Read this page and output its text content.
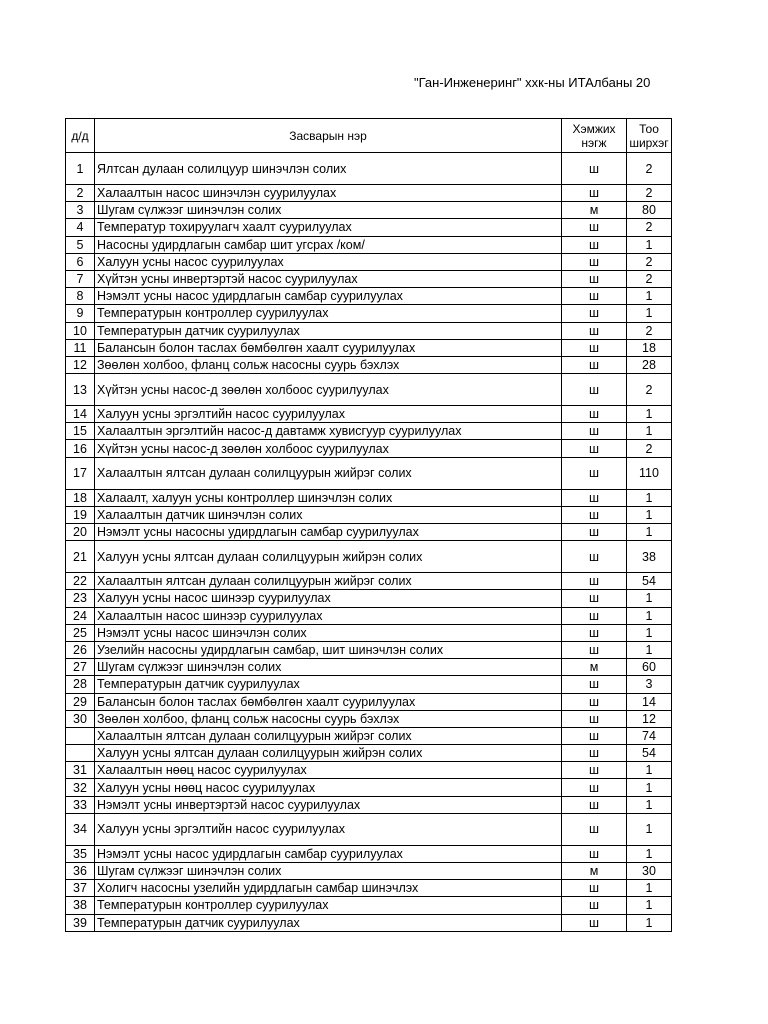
"Ган-Инженеринг" ххк-ны ИТАлбаны 20
д/д	Засварын нэр	Хэмжих нэгж	Тоо ширхэг
1	Ялтсан дулаан солилцуур шинэчлэн солих	ш	2
2	Халаалтын насос шинэчлэн суурилуулах	ш	2
3	Шугам сүлжээг шинэчлэн солих	м	80
4	Температур тохируулагч хаалт суурилуулах	ш	2
5	Насосны удирдлагын самбар шит угсрах /ком/	ш	1
6	Халуун усны насос суурилуулах	ш	2
7	Хүйтэн усны инвертэртэй насос суурилуулах	ш	2
8	Нэмэлт усны насос удирдлагын самбар суурилуулах	ш	1
9	Температурын контроллер суурилуулах	ш	1
10	Температурын датчик суурилуулах	ш	2
11	Балансын болон таслах бөмбөлгөн хаалт суурилуулах	ш	18
12	Зөөлөн холбоо, фланц сольж насосны суурь бэхлэх	ш	28
13	Хүйтэн усны насос-д зөөлөн холбоос суурилуулах	ш	2
14	Халуун усны эргэлтийн насос суурилуулах	ш	1
15	Халаалтын эргэлтийн насос-д давтамж хувисгуур суурилуулах	ш	1
16	Хүйтэн усны насос-д зөөлөн холбоос суурилуулах	ш	2
17	Халаалтын ялтсан дулаан солилцуурын жийрэг солих	ш	110
18	Халаалт, халуун усны контроллер шинэчлэн солих	ш	1
19	Халаалтын датчик шинэчлэн солих	ш	1
20	Нэмэлт усны насосны удирдлагын самбар суурилуулах	ш	1
21	Халуун усны ялтсан дулаан солилцуурын жийрэн солих	ш	38
22	Халаалтын ялтсан дулаан солилцуурын жийрэг солих	ш	54
23	Халуун усны насос шинээр суурилуулах	ш	1
24	Халаалтын насос шинээр суурилуулах	ш	1
25	Нэмэлт усны насос шинэчлэн солих	ш	1
26	Узелийн насосны удирдлагын самбар, шит шинэчлэн солих	ш	1
27	Шугам сүлжээг шинэчлэн солих	м	60
28	Температурын датчик суурилуулах	ш	3
29	Балансын болон таслах бөмбөлгөн хаалт суурилуулах	ш	14
30	Зөөлөн холбоо, фланц сольж насосны суурь бэхлэх	ш	12
	Халаалтын ялтсан дулаан солилцуурын жийрэг солих	ш	74
	Халуун усны ялтсан дулаан солилцуурын жийрэн солих	ш	54
31	Халаалтын нөөц насос суурилуулах	ш	1
32	Халуун усны нөөц насос суурилуулах	ш	1
33	Нэмэлт усны инвертэртэй насос суурилуулах	ш	1
34	Халуун усны эргэлтийн насос суурилуулах	ш	1
35	Нэмэлт усны насос удирдлагын самбар суурилуулах	ш	1
36	Шугам сүлжээг шинэчлэн солих	м	30
37	Холигч насосны узелийн удирдлагын самбар шинэчлэх	ш	1
38	Температурын контроллер суурилуулах	ш	1
39	Температурын датчик суурилуулах	ш	1
